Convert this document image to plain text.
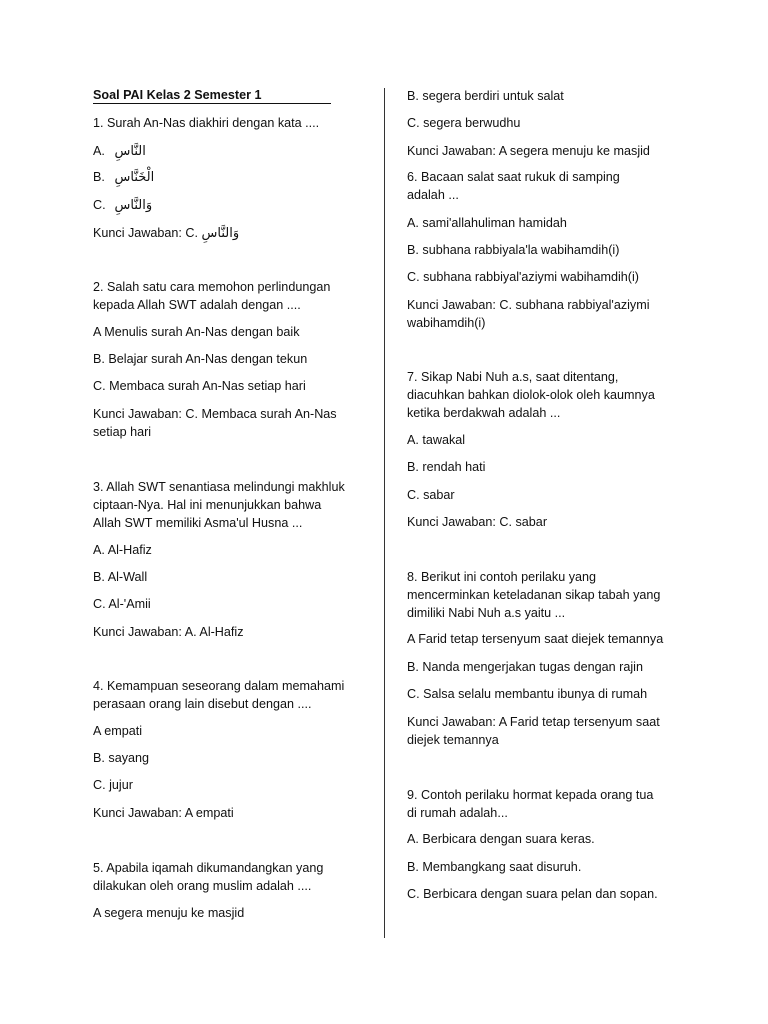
Soal PAI Kelas 2 Semester 1

1. Surah An-Nas diakhiri dengan kata ....

A. النَّاسِ

B. الْخَنَّاسِ

C. وَالنَّاسِ

Kunci Jawaban: C. وَالنَّاسِ

2. Salah satu cara memohon perlindungan

kepada Allah SWT adalah dengan ....

A Menulis surah An-Nas dengan baik

B. Belajar surah An-Nas dengan tekun

C. Membaca surah An-Nas setiap hari

Kunci Jawaban: C. Membaca surah An-Nas

setiap hari

3. Allah SWT senantiasa melindungi makhluk

ciptaan-Nya. Hal ini menunjukkan bahwa

Allah SWT memiliki Asma'ul Husna ...

A. Al-Hafiz

B. Al-Wall

C. Al-'Amii

Kunci Jawaban: A. Al-Hafiz

4. Kemampuan seseorang dalam memahami

perasaan orang lain disebut dengan ....

A empati

B. sayang

C. jujur

Kunci Jawaban: A empati

5. Apabila iqamah dikumandangkan yang

dilakukan oleh orang muslim adalah ....

A segera menuju ke masjid

B. segera berdiri untuk salat

C. segera berwudhu

Kunci Jawaban: A segera menuju ke masjid

6. Bacaan salat saat rukuk di samping

adalah ...

A. sami'allahuliman hamidah

B. subhana rabbiyala'la wabihamdih(i)

C. subhana rabbiyal'aziymi wabihamdih(i)

Kunci Jawaban: C. subhana rabbiyal'aziymi

wabihamdih(i)

7. Sikap Nabi Nuh a.s, saat ditentang,

diacuhkan bahkan diolok-olok oleh kaumnya

ketika berdakwah adalah ...

A. tawakal

B. rendah hati

C. sabar

Kunci Jawaban: C. sabar

8. Berikut ini contoh perilaku yang

mencerminkan keteladanan sikap tabah yang

dimiliki Nabi Nuh a.s yaitu ...

A Farid tetap tersenyum saat diejek temannya

B. Nanda mengerjakan tugas dengan rajin

C. Salsa selalu membantu ibunya di rumah

Kunci Jawaban: A Farid tetap tersenyum saat

diejek temannya

9. Contoh perilaku hormat kepada orang tua

di rumah adalah...

A. Berbicara dengan suara keras.

B. Membangkang saat disuruh.

C. Berbicara dengan suara pelan dan sopan.
